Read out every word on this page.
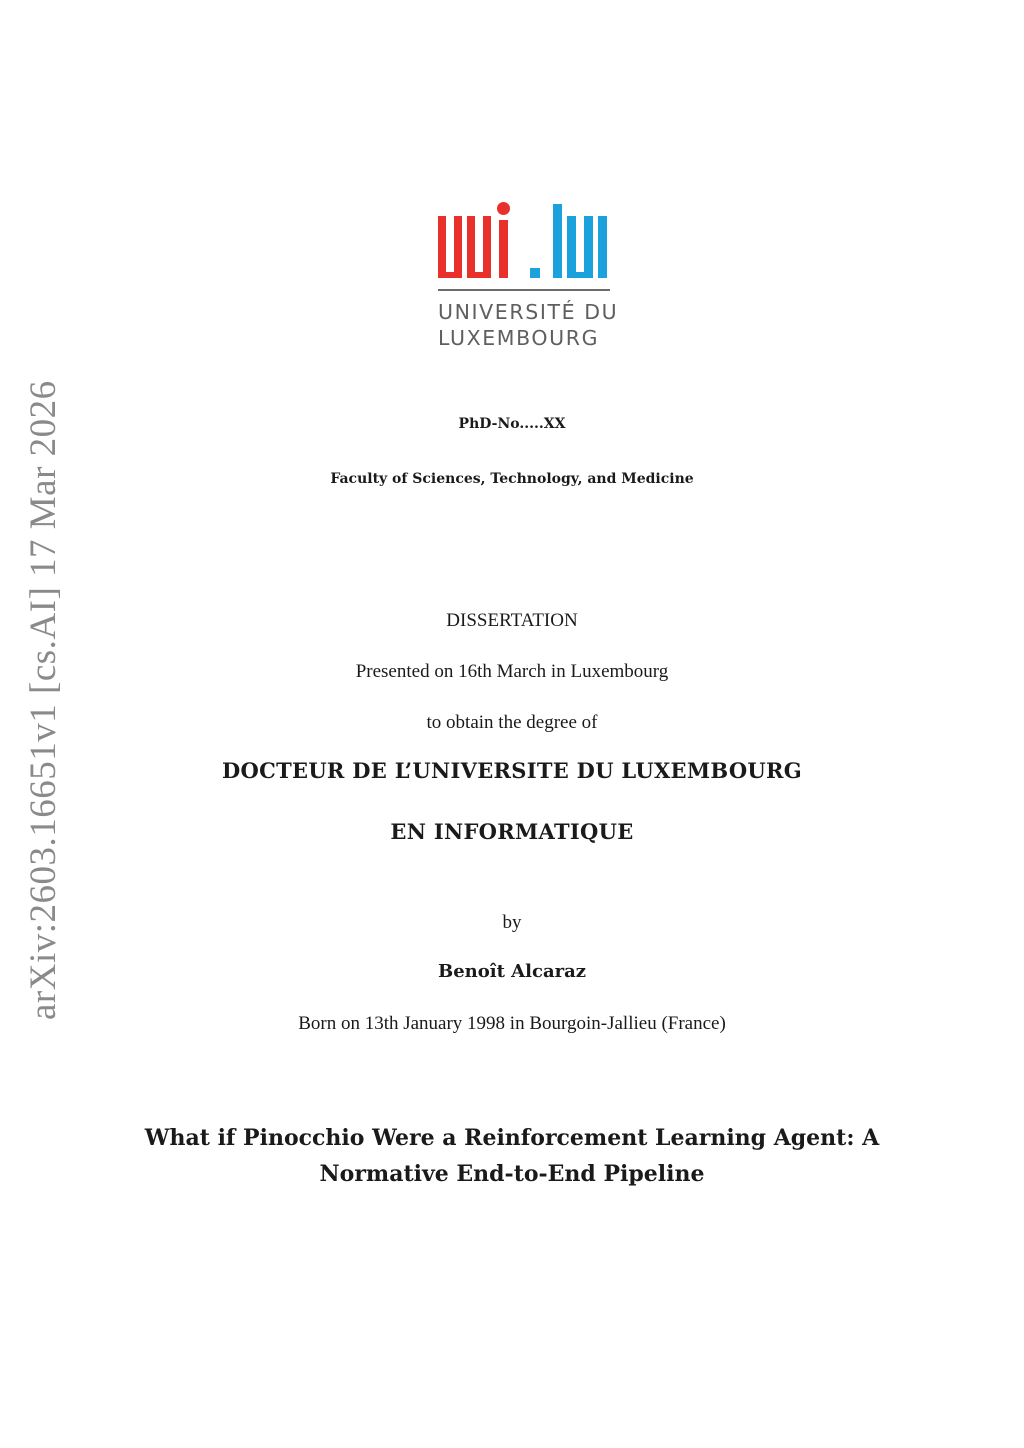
arXiv:2603.16651v1 [cs.AI] 17 Mar 2026
UNIVERSITÉ DU
LUXEMBOURG
PhD-No.....XX
Faculty of Sciences, Technology, and Medicine
DISSERTATION
Presented on 16th March in Luxembourg
to obtain the degree of
DOCTEUR DE L’UNIVERSITE DU LUXEMBOURG
EN INFORMATIQUE
by
Benoît Alcaraz
Born on 13th January 1998 in Bourgoin-Jallieu (France)
What if Pinocchio Were a Reinforcement Learning Agent: A
Normative End-to-End Pipeline
